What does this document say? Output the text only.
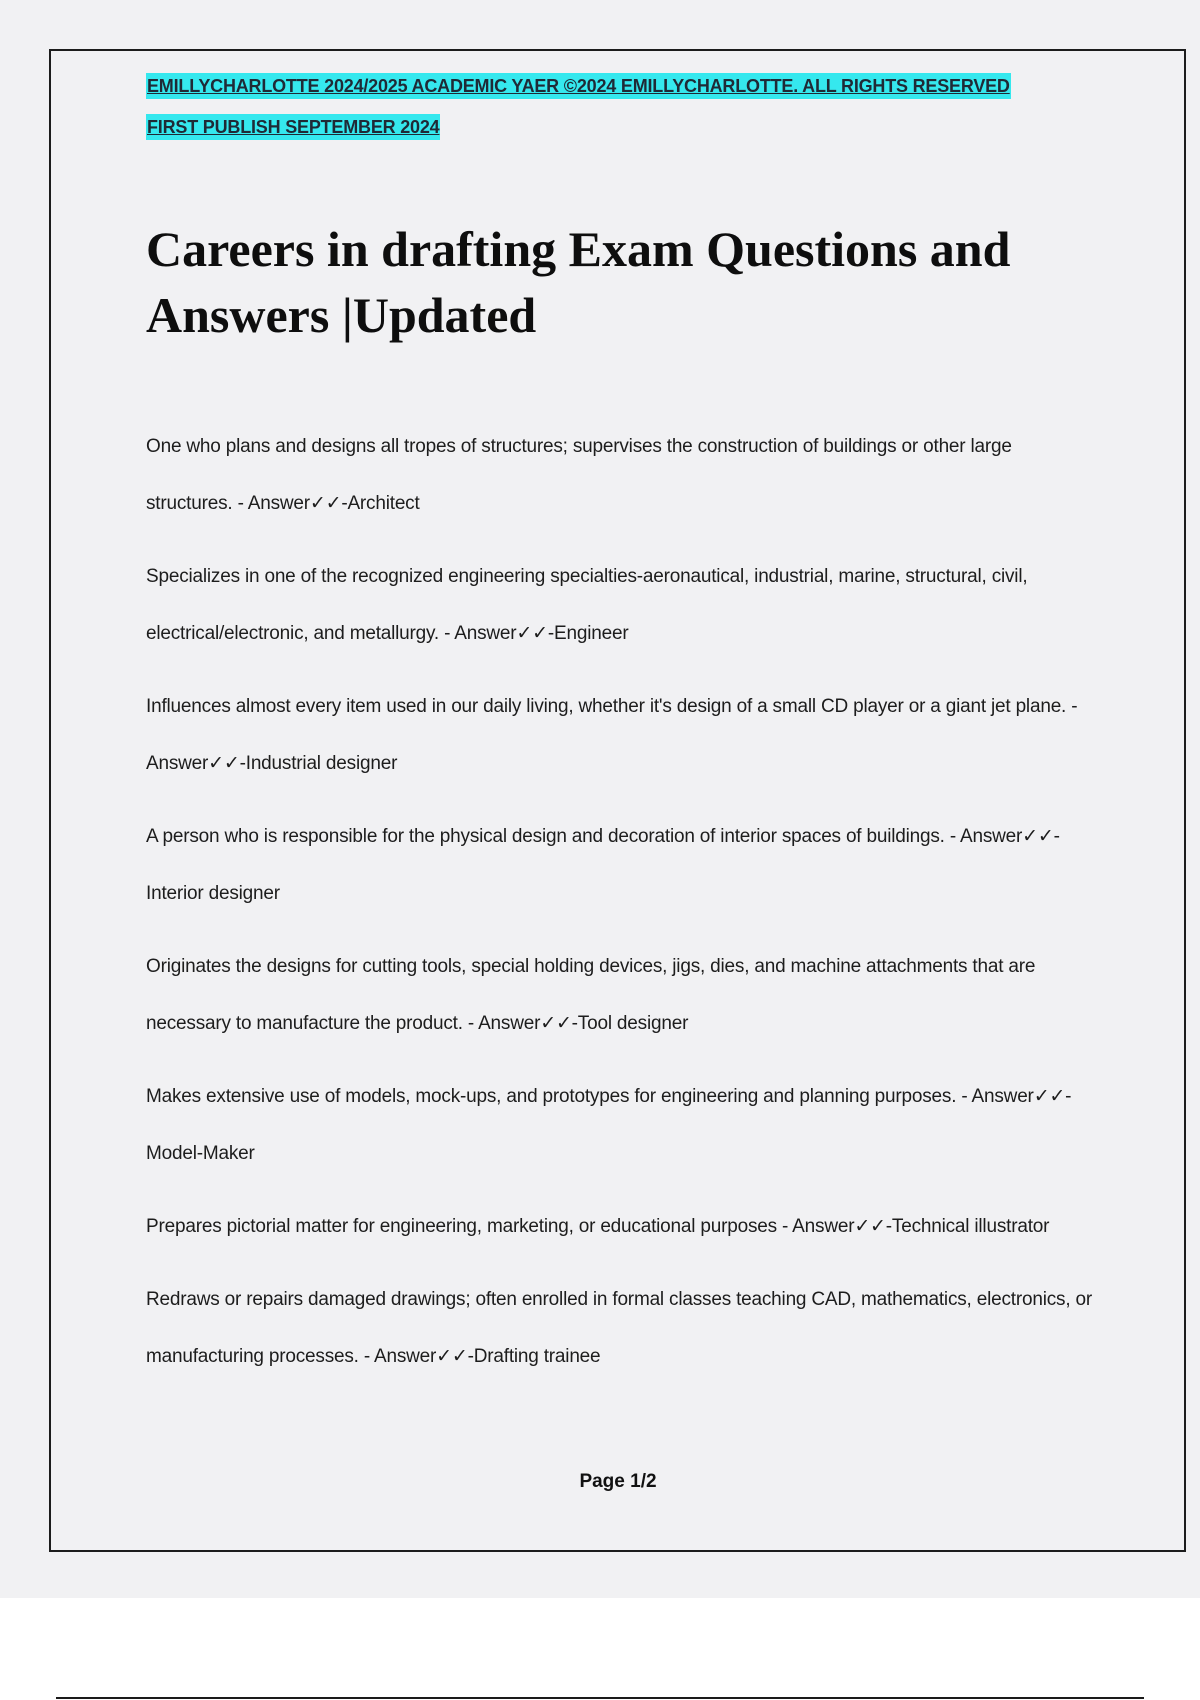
EMILLYCHARLOTTE 2024/2025 ACADEMIC YAER ©2024 EMILLYCHARLOTTE. ALL RIGHTS RESERVED
FIRST PUBLISH SEPTEMBER 2024
Careers in drafting Exam Questions and Answers |Updated
One who plans and designs all tropes of structures; supervises the construction of buildings or other large structures. - Answer✓✓-Architect
Specializes in one of the recognized engineering specialties-aeronautical, industrial, marine, structural, civil, electrical/electronic, and metallurgy. - Answer✓✓-Engineer
Influences almost every item used in our daily living, whether it's design of a small CD player or a giant jet plane. - Answer✓✓-Industrial designer
A person who is responsible for the physical design and decoration of interior spaces of buildings. - Answer✓✓-Interior designer
Originates the designs for cutting tools, special holding devices, jigs, dies, and machine attachments that are necessary to manufacture the product. - Answer✓✓-Tool designer
Makes extensive use of models, mock-ups, and prototypes for engineering and planning purposes. - Answer✓✓-Model-Maker
Prepares pictorial matter for engineering, marketing, or educational purposes - Answer✓✓-Technical illustrator
Redraws or repairs damaged drawings; often enrolled in formal classes teaching CAD, mathematics, electronics, or manufacturing processes. - Answer✓✓-Drafting trainee
Page 1/2
